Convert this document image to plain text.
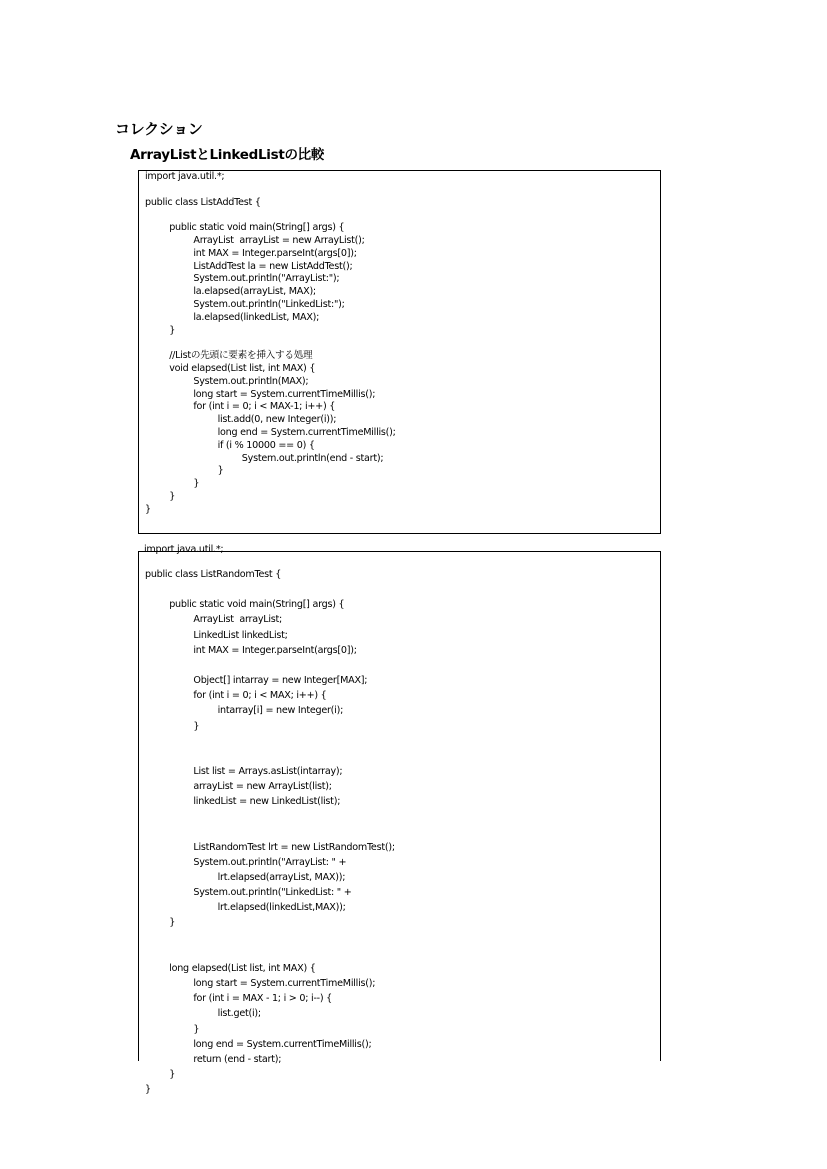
コレクション
ArrayListとLinkedListの比較
import java.util.*;
import java.util.*;
public class ListAddTest {
public static void main(String[] args) {
ArrayList  arrayList = new ArrayList();
int MAX = Integer.parseInt(args[0]);
ListAddTest la = new ListAddTest();
System.out.println("ArrayList:");
la.elapsed(arrayList, MAX);
System.out.println("LinkedList:");
la.elapsed(linkedList, MAX);
}
//Listの先頭に要素を挿入する処理
void elapsed(List list, int MAX) {
System.out.println(MAX);
long start = System.currentTimeMillis();
for (int i = 0; i < MAX-1; i++) {
list.add(0, new Integer(i));
long end = System.currentTimeMillis();
if (i % 10000 == 0) {
System.out.println(end - start);
}
}
}
}
public class ListRandomTest {
public static void main(String[] args) {
ArrayList  arrayList;
LinkedList linkedList;
int MAX = Integer.parseInt(args[0]);
Object[] intarray = new Integer[MAX];
for (int i = 0; i < MAX; i++) {
intarray[i] = new Integer(i);
}
List list = Arrays.asList(intarray);
arrayList = new ArrayList(list);
linkedList = new LinkedList(list);
ListRandomTest lrt = new ListRandomTest();
System.out.println("ArrayList: " +
lrt.elapsed(arrayList, MAX));
System.out.println("LinkedList: " +
lrt.elapsed(linkedList,MAX));
}
long elapsed(List list, int MAX) {
long start = System.currentTimeMillis();
for (int i = MAX - 1; i > 0; i--) {
list.get(i);
}
long end = System.currentTimeMillis();
return (end - start);
}
}
